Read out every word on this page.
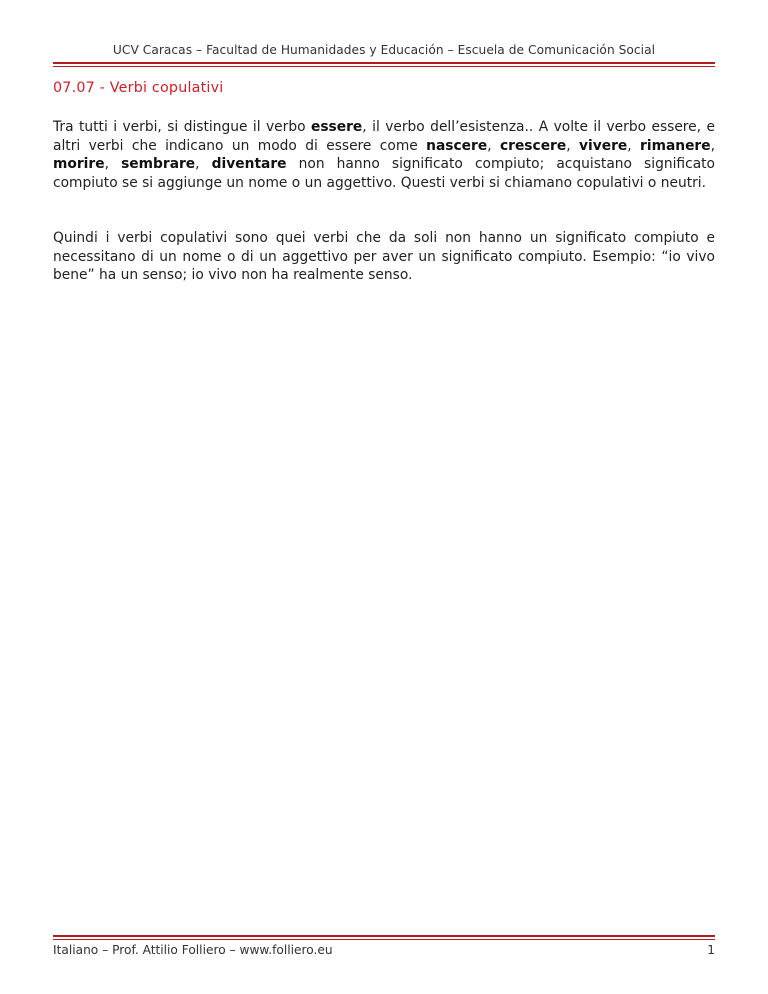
UCV Caracas – Facultad de Humanidades y Educación – Escuela de Comunicación Social
07.07 - Verbi copulativi

Tra tutti i verbi, si distingue il verbo essere, il verbo dell’esistenza.. A volte il verbo essere, e altri verbi che indicano un modo di essere come nascere, crescere, vivere, rimanere, morire, sembrare, diventare non hanno significato compiuto; acquistano significato compiuto se si aggiunge un nome o un aggettivo. Questi verbi si chiamano copulativi o neutri.

Quindi i verbi copulativi sono quei verbi che da soli non hanno un significato compiuto e necessitano di un nome o di un aggettivo per aver un significato compiuto. Esempio: “io vivo bene” ha un senso; io vivo non ha realmente senso.

Italiano – Prof. Attilio Folliero – www.folliero.eu	1
